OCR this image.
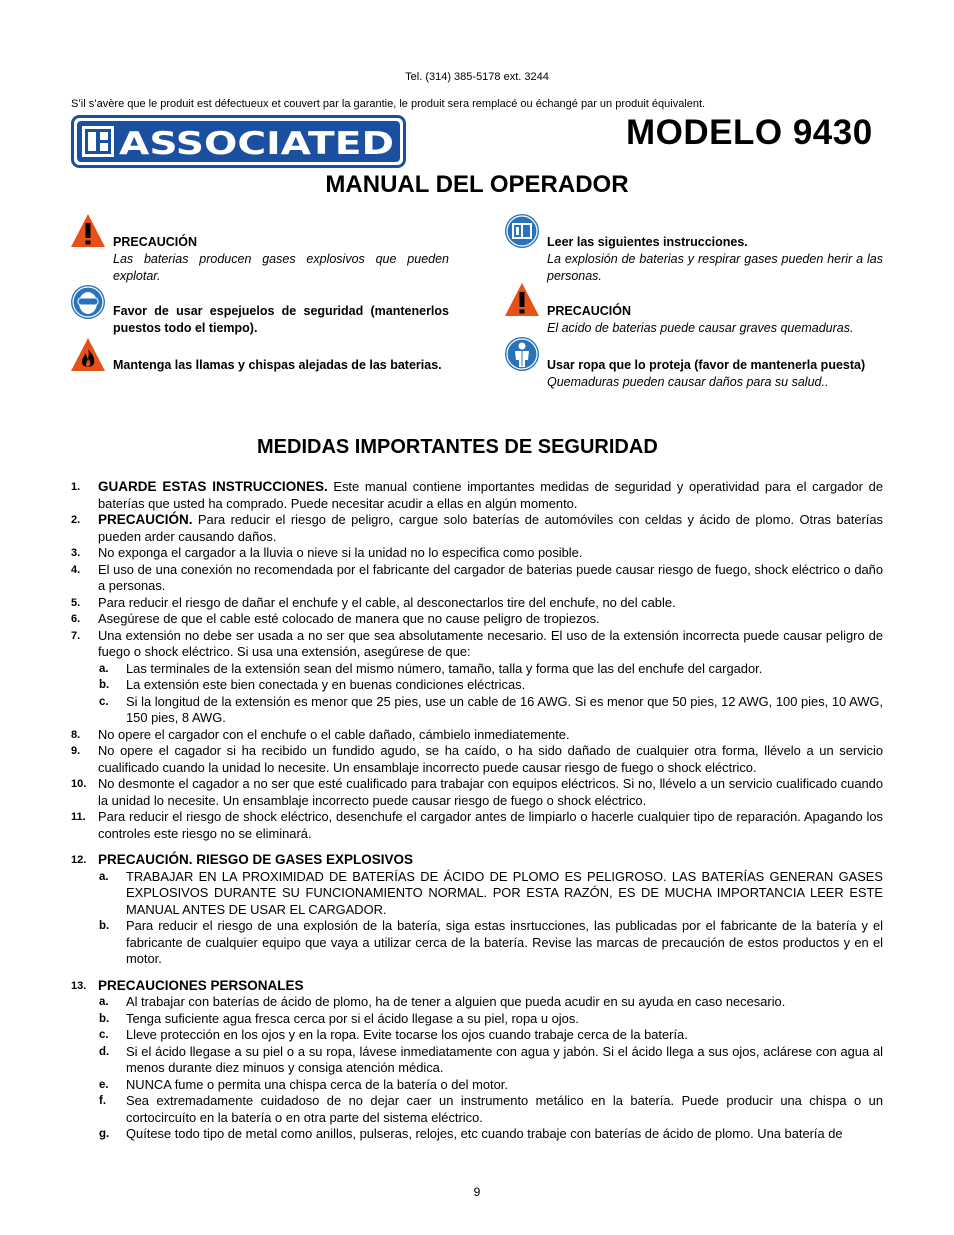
Tel. (314) 385-5178 ext. 3244
S’il s’avère que le produit est défectueux et couvert par la garantie, le produit sera remplacé ou échangé par un produit équivalent.
ASSOCIATED	MODELO 9430
MANUAL DEL OPERADOR
PRECAUCIÓN
Las baterias producen gases explosivos que pueden explotar.
Favor de usar espejuelos de seguridad (mantenerlos puestos todo el tiempo).
Mantenga las llamas y chispas alejadas de las baterias.
Leer las siguientes instrucciones.
La explosión de baterias y respirar gases pueden herir a las personas.
PRECAUCIÓN
El acido de baterias puede causar graves quemaduras.
Usar ropa que lo proteja (favor de mantenerla puesta)
Quemaduras pueden causar daños para su salud..
MEDIDAS IMPORTANTES DE SEGURIDAD
1. GUARDE ESTAS INSTRUCCIONES. Este manual contiene importantes medidas de seguridad y operatividad para el cargador de baterías que usted ha comprado. Puede necesitar acudir a ellas en algún momento.
2. PRECAUCIÓN. Para reducir el riesgo de peligro, cargue solo baterías de automóviles con celdas y ácido de plomo. Otras baterías pueden arder causando daños.
3. No exponga el cargador a la lluvia o nieve si la unidad no lo especifica como posible.
4. El uso de una conexión no recomendada por el fabricante del cargador de baterias puede causar riesgo de fuego, shock eléctrico o daño a personas.
5. Para reducir el riesgo de dañar el enchufe y el cable, al desconectarlos tire del enchufe, no del cable.
6. Asegúrese de que el cable esté colocado de manera que no cause peligro de tropiezos.
7. Una extensión no debe ser usada a no ser que sea absolutamente necesario. El uso de la extensión incorrecta puede causar peligro de fuego o shock eléctrico. Si usa una extensión, asegúrese de que:
a. Las terminales de la extensión sean del mismo número, tamaño, talla y forma que las del enchufe del cargador.
b. La extensión este bien conectada y en buenas condiciones eléctricas.
c. Si la longitud de la extensión es menor que 25 pies, use un cable de 16 AWG. Si es menor que 50 pies, 12 AWG, 100 pies, 10 AWG, 150 pies, 8 AWG.
8. No opere el cargador con el enchufe o el cable dañado, cámbielo inmediatemente.
9. No opere el cagador si ha recibido un fundido agudo, se ha caído, o ha sido dañado de cualquier otra forma, llévelo a un servicio cualificado cuando la unidad lo necesite. Un ensamblaje incorrecto puede causar riesgo de fuego o shock eléctrico.
10. No desmonte el cagador a no ser que esté cualificado para trabajar con equipos eléctricos. Si no, llévelo a un servicio cualificado cuando la unidad lo necesite. Un ensamblaje incorrecto puede causar riesgo de fuego o shock eléctrico.
11. Para reducir el riesgo de shock eléctrico, desenchufe el cargador antes de limpiarlo o hacerle cualquier tipo de reparación. Apagando los controles este riesgo no se eliminará.
12. PRECAUCIÓN. RIESGO DE GASES EXPLOSIVOS
a. TRABAJAR EN LA PROXIMIDAD DE BATERÍAS DE ÁCIDO DE PLOMO ES PELIGROSO. LAS BATERÍAS GENERAN GASES EXPLOSIVOS DURANTE SU FUNCIONAMIENTO NORMAL. POR ESTA RAZÓN, ES DE MUCHA IMPORTANCIA LEER ESTE MANUAL ANTES DE USAR EL CARGADOR.
b. Para reducir el riesgo de una explosión de la batería, siga estas insrtucciones, las publicadas por el fabricante de la batería y el fabricante de cualquier equipo que vaya a utilizar cerca de la batería. Revise las marcas de precaución de estos productos y en el motor.
13. PRECAUCIONES PERSONALES
a. Al trabajar con baterías de ácido de plomo, ha de tener a alguien que pueda acudir en su ayuda en caso necesario.
b. Tenga suficiente agua fresca cerca por si el ácido llegase a su piel, ropa u ojos.
c. Lleve protección en los ojos y en la ropa. Evite tocarse los ojos cuando trabaje cerca de la batería.
d. Si el ácido llegase a su piel o a su ropa, lávese inmediatamente con agua y jabón. Si el ácido llega a sus ojos, aclárese con agua al menos durante diez minuos y consiga atención médica.
e. NUNCA fume o permita una chispa cerca de la batería o del motor.
f. Sea extremadamente cuidadoso de no dejar caer un instrumento metálico en la batería. Puede producir una chispa o un cortocircuíto en la batería o en otra parte del sistema eléctrico.
g. Quítese todo tipo de metal como anillos, pulseras, relojes, etc cuando trabaje con baterías de ácido de plomo. Una batería de
9
